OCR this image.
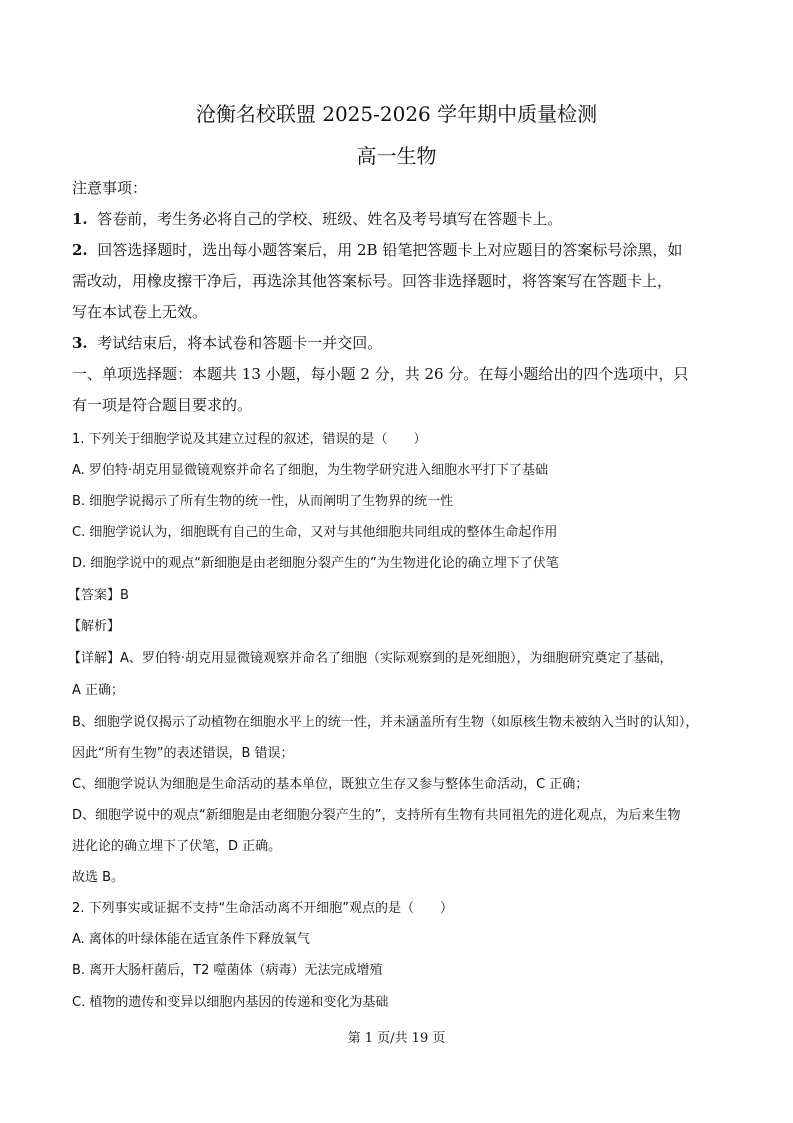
沧衡名校联盟 2025-2026 学年期中质量检测
高一生物
注意事项：
1. 答卷前，考生务必将自己的学校、班级、姓名及考号填写在答题卡上。
2. 回答选择题时，选出每小题答案后，用 2B 铅笔把答题卡上对应题目的答案标号涂黑，如
需改动，用橡皮擦干净后，再选涂其他答案标号。回答非选择题时，将答案写在答题卡上，
写在本试卷上无效。
3. 考试结束后，将本试卷和答题卡一并交回。
一、单项选择题：本题共 13 小题，每小题 2 分，共 26 分。在每小题给出的四个选项中，只
有一项是符合题目要求的。
1. 下列关于细胞学说及其建立过程的叙述，错误的是（　　）
A. 罗伯特·胡克用显微镜观察并命名了细胞，为生物学研究进入细胞水平打下了基础
B. 细胞学说揭示了所有生物的统一性，从而阐明了生物界的统一性
C. 细胞学说认为，细胞既有自己的生命，又对与其他细胞共同组成的整体生命起作用
D. 细胞学说中的观点“新细胞是由老细胞分裂产生的”为生物进化论的确立埋下了伏笔
【答案】B
【解析】
【详解】A、罗伯特·胡克用显微镜观察并命名了细胞（实际观察到的是死细胞），为细胞研究奠定了基础，
A 正确；
B、细胞学说仅揭示了动植物在细胞水平上的统一性，并未涵盖所有生物（如原核生物未被纳入当时的认知），
因此“所有生物”的表述错误，B 错误；
C、细胞学说认为细胞是生命活动的基本单位，既独立生存又参与整体生命活动，C 正确；
D、细胞学说中的观点“新细胞是由老细胞分裂产生的”，支持所有生物有共同祖先的进化观点，为后来生物
进化论的确立埋下了伏笔，D 正确。
故选 B。
2. 下列事实或证据不支持“生命活动离不开细胞”观点的是（　　）
A. 离体的叶绿体能在适宜条件下释放氧气
B. 离开大肠杆菌后，T2 噬菌体（病毒）无法完成增殖
C. 植物的遗传和变异以细胞内基因的传递和变化为基础
第 1 页/共 19 页
